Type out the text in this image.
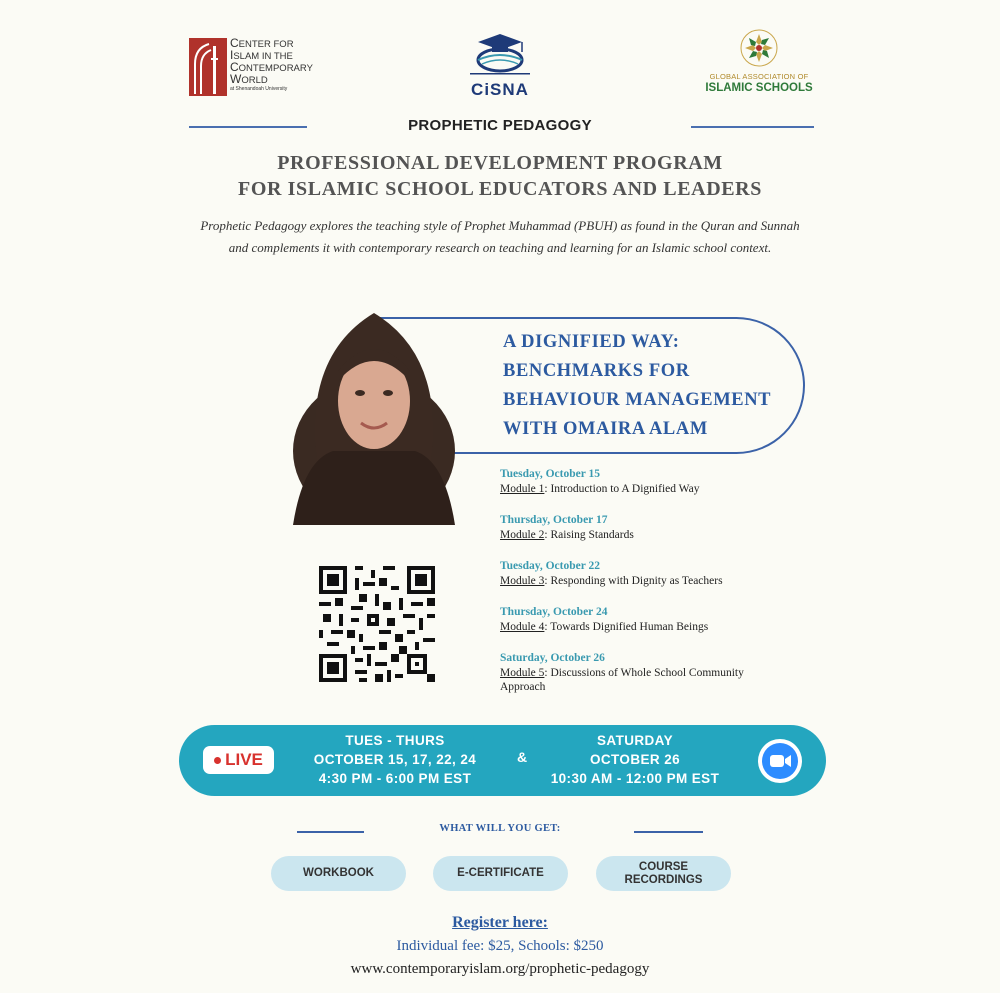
CENTER FOR
ISLAM IN THE
CONTEMPORARY
WORLD
at Shenandoah University	CiSNA
GLOBAL ASSOCIATION OF
ISLAMIC SCHOOLS
PROPHETIC PEDAGOGY
PROFESSIONAL DEVELOPMENT PROGRAM
FOR ISLAMIC SCHOOL EDUCATORS AND LEADERS
Prophetic Pedagogy explores the teaching style of Prophet Muhammad (PBUH) as found in the Quran and Sunnah and complements it with contemporary research on teaching and learning for an Islamic school context.
A DIGNIFIED WAY:
BENCHMARKS FOR
BEHAVIOUR MANAGEMENT
WITH OMAIRA ALAM
Tuesday, October 15
Module 1: Introduction to A Dignified Way
Thursday, October 17
Module 2: Raising Standards
Tuesday, October 22
Module 3: Responding with Dignity as Teachers
Thursday, October 24
Module 4: Towards Dignified Human Beings
Saturday, October 26
Module 5: Discussions of Whole School Community
Approach
LIVE
TUES - THURS
OCTOBER 15, 17, 22, 24
4:30 PM - 6:00 PM EST
&
SATURDAY
OCTOBER 26
10:30 AM - 12:00 PM EST
WHAT WILL YOU GET:
WORKBOOK	E-CERTIFICATE
COURSE
RECORDINGS
Register here:
Individual fee: $25, Schools: $250
www.contemporaryislam.org/prophetic-pedagogy
